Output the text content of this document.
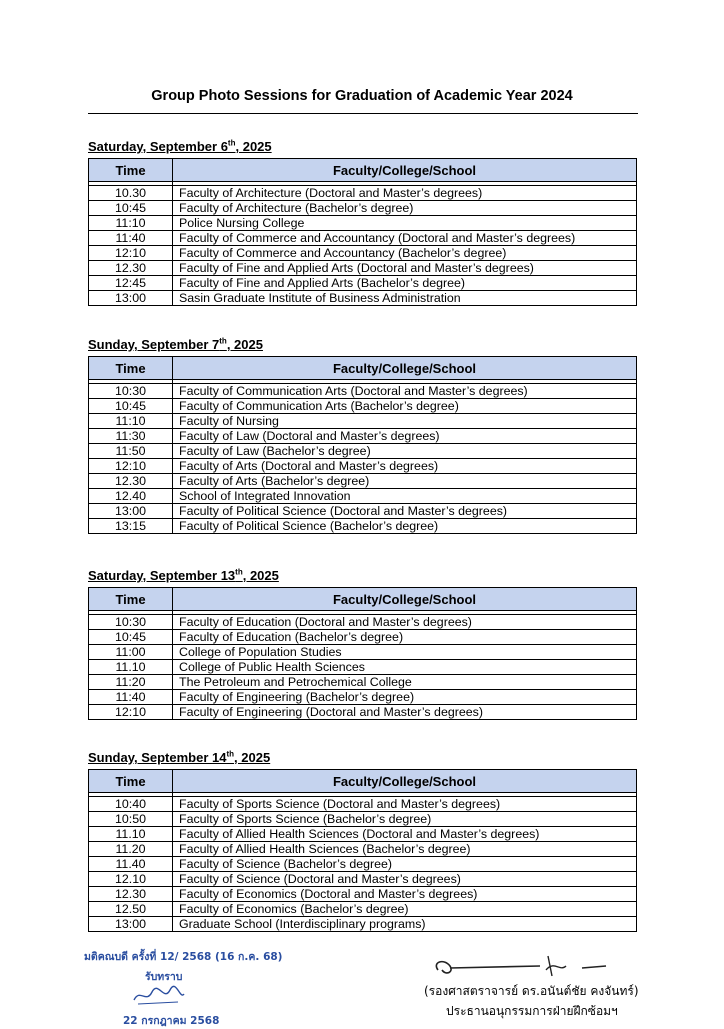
Group Photo Sessions for Graduation of Academic Year 2024
Saturday, September 6th, 2025
Time	Faculty/College/School

10.30	Faculty of Architecture (Doctoral and Master’s degrees)
10:45	Faculty of Architecture (Bachelor’s degree)
11:10	Police Nursing College
11:40	Faculty of Commerce and Accountancy (Doctoral and Master’s degrees)
12:10	Faculty of Commerce and Accountancy (Bachelor’s degree)
12.30	Faculty of Fine and Applied Arts (Doctoral and Master’s degrees)
12:45	Faculty of Fine and Applied Arts (Bachelor’s degree)
13:00	Sasin Graduate Institute of Business Administration
Sunday, September 7th, 2025
Time	Faculty/College/School

10:30	Faculty of Communication Arts (Doctoral and Master’s degrees)
10:45	Faculty of Communication Arts (Bachelor’s degree)
11:10	Faculty of Nursing
11:30	Faculty of Law (Doctoral and Master’s degrees)
11:50	Faculty of Law (Bachelor’s degree)
12:10	Faculty of Arts (Doctoral and Master’s degrees)
12.30	Faculty of Arts (Bachelor’s degree)
12.40	School of Integrated Innovation
13:00	Faculty of Political Science (Doctoral and Master’s degrees)
13:15	Faculty of Political Science (Bachelor’s degree)
Saturday, September 13th, 2025
Time	Faculty/College/School

10:30	Faculty of Education (Doctoral and Master’s degrees)
10:45	Faculty of Education (Bachelor’s degree)
11:00	College of Population Studies
11.10	College of Public Health Sciences
11:20	The Petroleum and Petrochemical College
11:40	Faculty of Engineering (Bachelor’s degree)
12:10	Faculty of Engineering (Doctoral and Master’s degrees)
Sunday, September 14th, 2025
Time	Faculty/College/School

10:40	Faculty of Sports Science (Doctoral and Master’s degrees)
10:50	Faculty of Sports Science (Bachelor’s degree)
11.10	Faculty of Allied Health Sciences (Doctoral and Master’s degrees)
11.20	Faculty of Allied Health Sciences (Bachelor’s degree)
11.40	Faculty of Science (Bachelor’s degree)
12.10	Faculty of Science (Doctoral and Master’s degrees)
12.30	Faculty of Economics (Doctoral and Master’s degrees)
12.50	Faculty of Economics (Bachelor’s degree)
13:00	Graduate School (Interdisciplinary programs)
มติคณบดี ครั้งที่ 12/ 2568 (16 ก.ค. 68)
รับทราบ
22 กรกฎาคม 2568
(รองศาสตราจารย์ ดร.อนันต์ชัย คงจันทร์)
ประธานอนุกรรมการฝ่ายฝึกซ้อมฯ
